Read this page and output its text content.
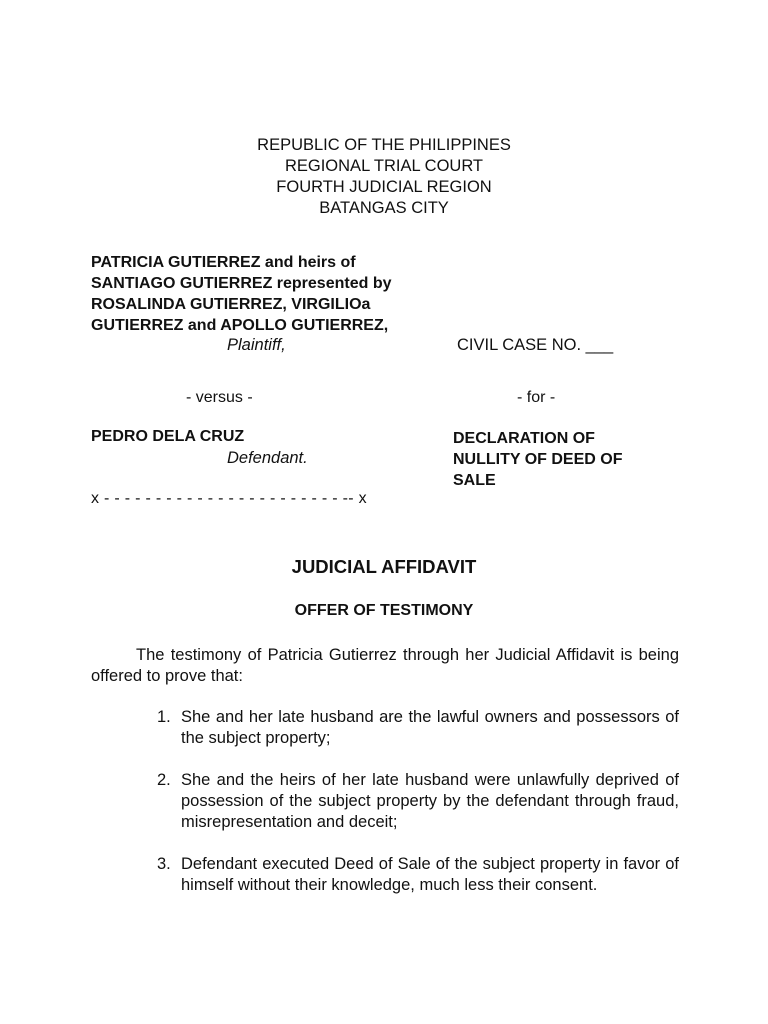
REPUBLIC OF THE PHILIPPINES
REGIONAL TRIAL COURT
FOURTH JUDICIAL REGION
BATANGAS CITY
PATRICIA GUTIERREZ and heirs of
SANTIAGO GUTIERREZ represented by
ROSALINDA GUTIERREZ, VIRGILIOa
GUTIERREZ and APOLLO GUTIERREZ,
Plaintiff,	CIVIL CASE NO. ___
- versus -	- for -
PEDRO DELA CRUZ
Defendant.
DECLARATION OF
NULLITY OF DEED OF
SALE
x - - - - - - - - - - - - - - - - - - - - - - - -- x
JUDICIAL AFFIDAVIT
OFFER OF TESTIMONY
The testimony of Patricia Gutierrez through her Judicial Affidavit is being offered to prove that:
1. She and her late husband are the lawful owners and possessors of the subject property;
2. She and the heirs of her late husband were unlawfully deprived of possession of the subject property by the defendant through fraud, misrepresentation and deceit;
3. Defendant executed Deed of Sale of the subject property in favor of himself without their knowledge, much less their consent.
